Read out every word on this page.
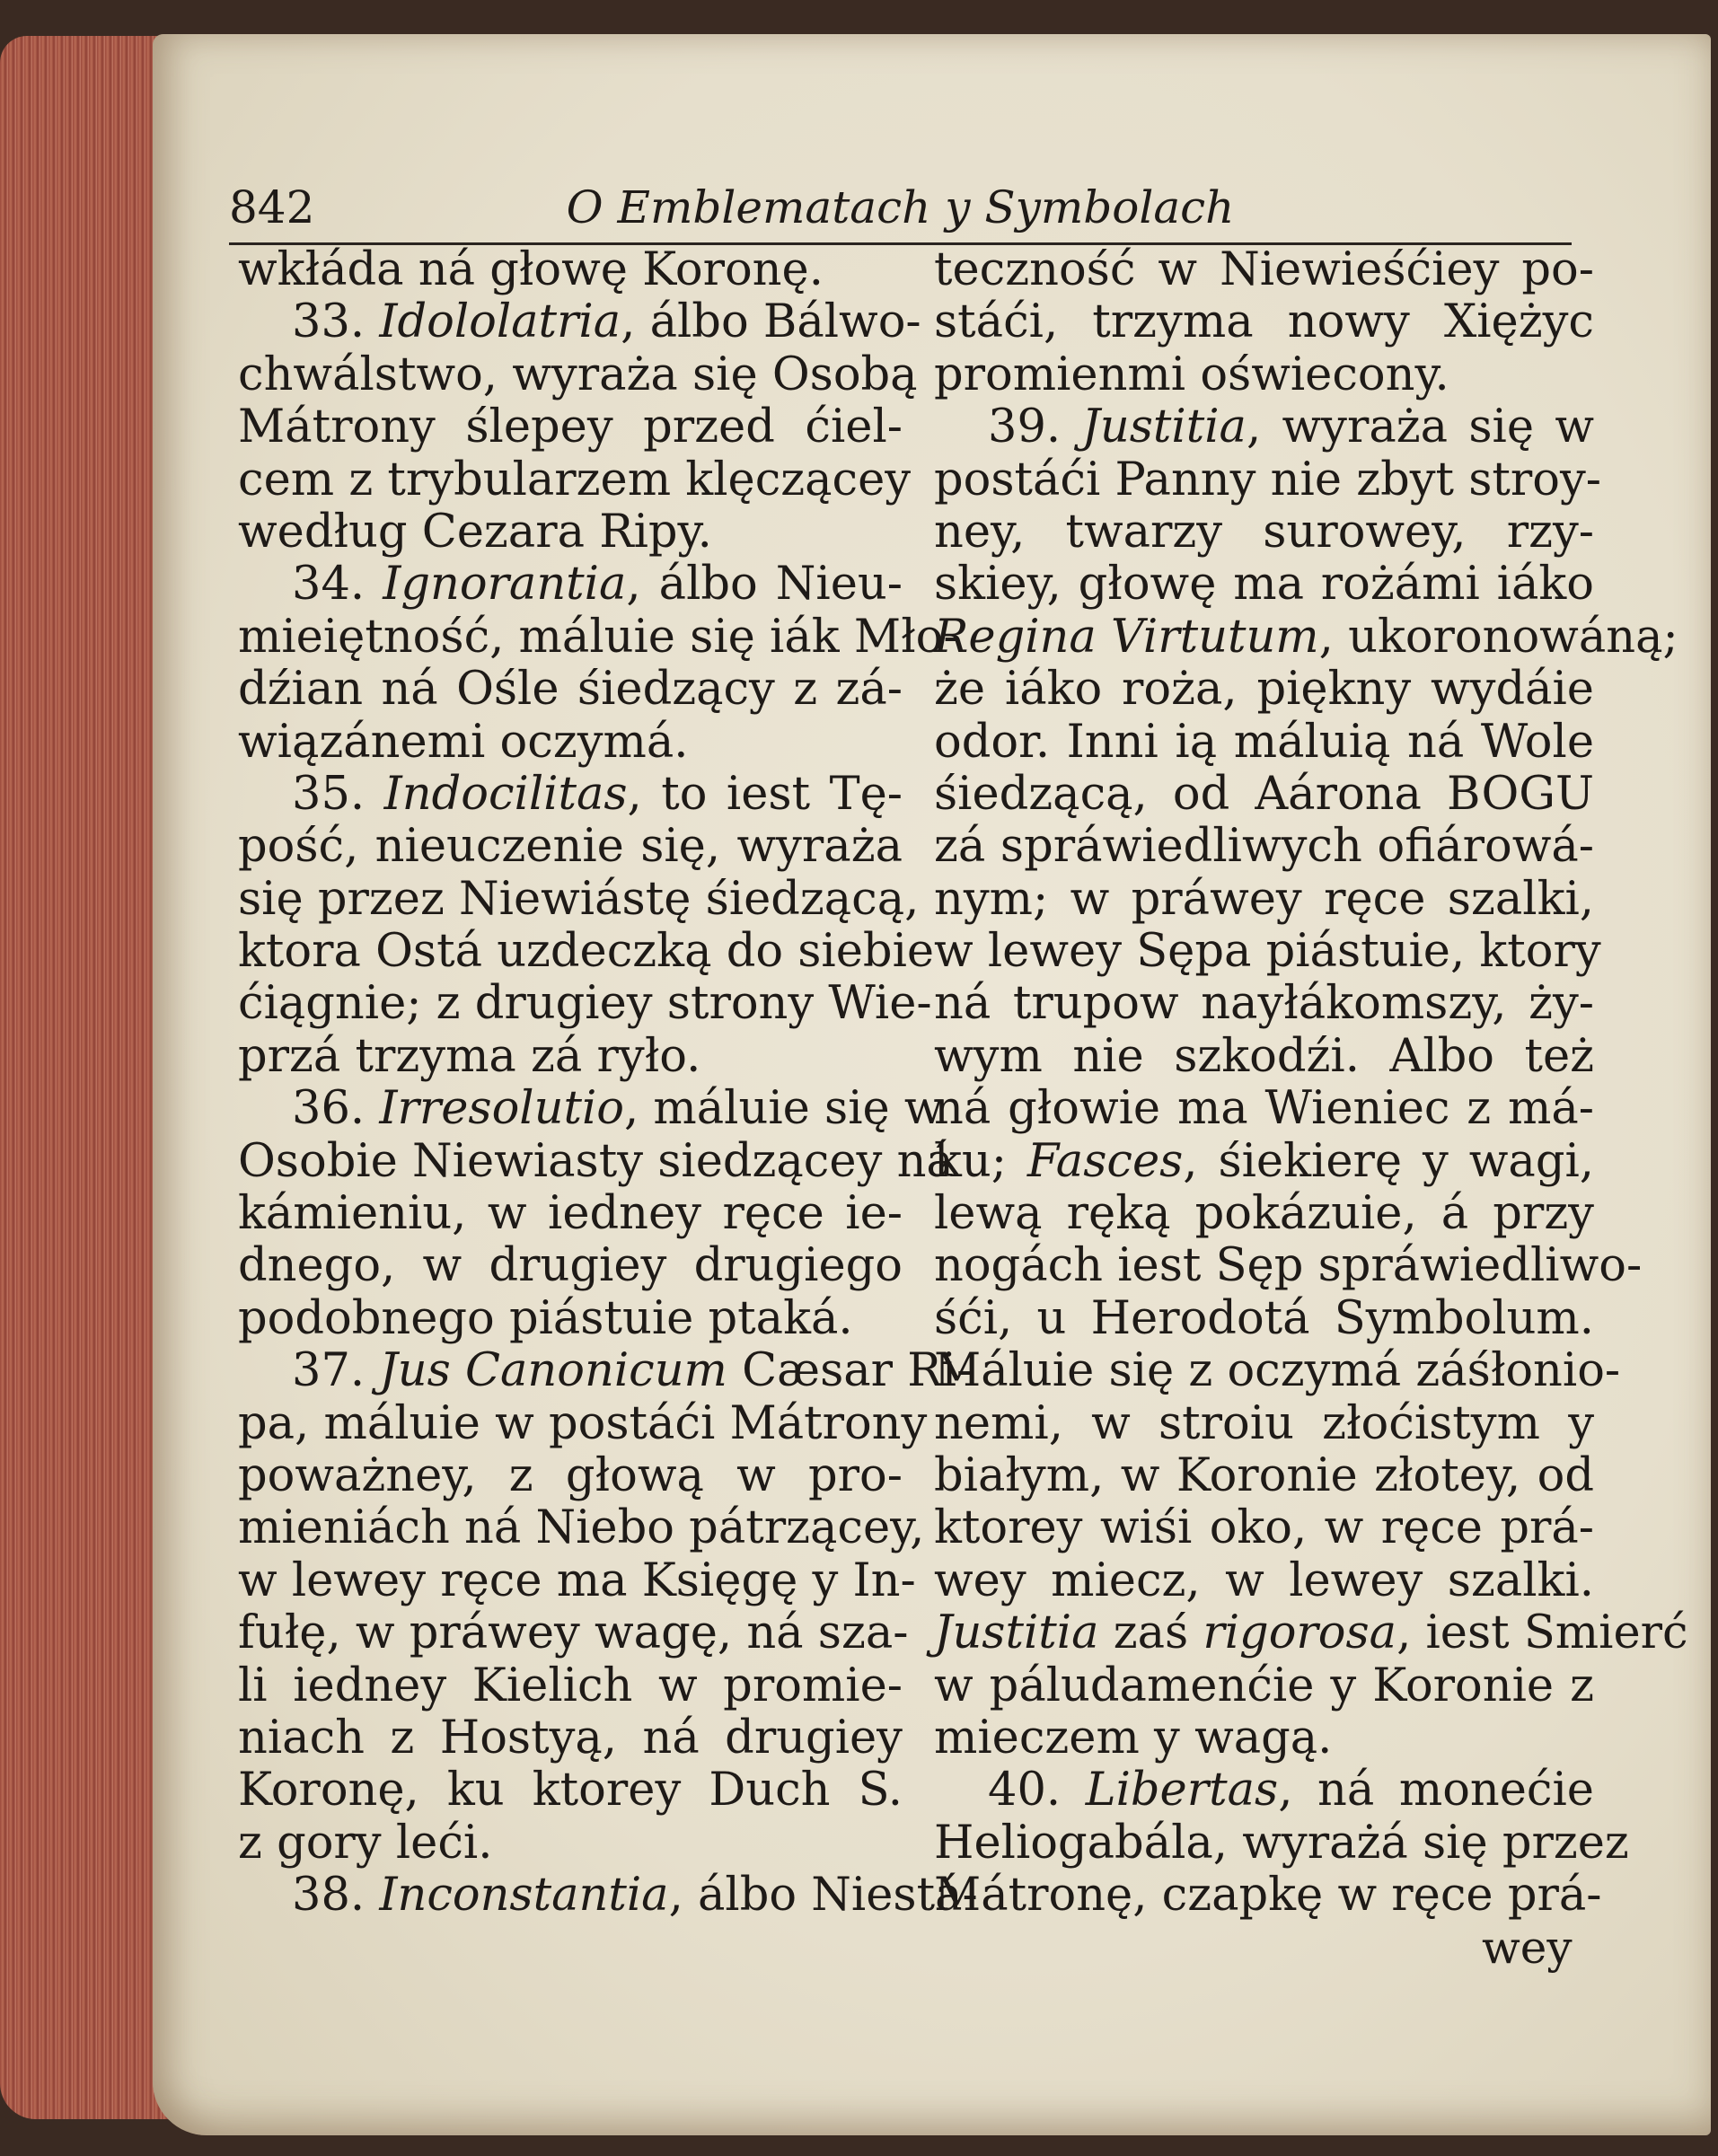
842	O Emblematach y Symbolach
wkłáda ná głowę Koronę.
33. Idololatria, álbo Bálwo-
chwálstwo, wyraża się Osobą
Mátrony ślepey przed ćiel-
cem z trybularzem klęczącey
według Cezara Ripy.
34. Ignorantia, álbo Nieu-
mieiętność, máluie się iák Mło-
dźian ná Ośle śiedzący z zá-
wiązánemi oczymá.
35. Indocilitas, to iest Tę-
pość, nieuczenie się, wyraża
się przez Niewiástę śiedzącą,
ktora Ostá uzdeczką do siebie
ćiągnie; z drugiey strony Wie-
przá trzyma zá ryło.
36. Irresolutio, máluie się w
Osobie Niewiasty siedzącey ná
kámieniu, w iedney ręce ie-
dnego, w drugiey drugiego
podobnego piástuie ptaká.
37. Jus Canonicum Cæsar Ri-
pa, máluie w postáći Mátrony
poważney, z głową w pro-
mieniách ná Niebo pátrzącey,
w lewey ręce ma Księgę y In-
fułę, w práwey wagę, ná sza-
li iedney Kielich w promie-
niach z Hostyą, ná drugiey
Koronę, ku ktorey Duch S.
z gory leći.
38. Inconstantia, álbo Niestá-
teczność w Niewieśćiey po-
stáći, trzyma nowy Xiężyc
promienmi oświecony.
39. Justitia, wyraża się w
postáći Panny nie zbyt stroy-
ney, twarzy surowey, rzy-
skiey, głowę ma rożámi iáko
Regina Virtutum, ukoronowáną;
że iáko roża, piękny wydáie
odor. Inni ią máluią ná Wole
śiedzącą, od Aárona BOGU
zá spráwiedliwych ofiárowá-
nym; w práwey ręce szalki,
w lewey Sępa piástuie, ktory
ná trupow nayłákomszy, ży-
wym nie szkodźi. Albo też
ná głowie ma Wieniec z má-
ku; Fasces, śiekierę y wagi,
lewą ręką pokázuie, á przy
nogách iest Sęp spráwiedliwo-
śći, u Herodotá Symbolum.
Máluie się z oczymá záśłonio-
nemi, w stroiu złoćistym y
białym, w Koronie złotey, od
ktorey wiśi oko, w ręce prá-
wey miecz, w lewey szalki.
Justitia zaś rigorosa, iest Smierć
w páludamenćie y Koronie z
mieczem y wagą.
40. Libertas, ná monećie
Heliogabála, wyrażá się przez
Mátronę, czapkę w ręce prá-
wey
